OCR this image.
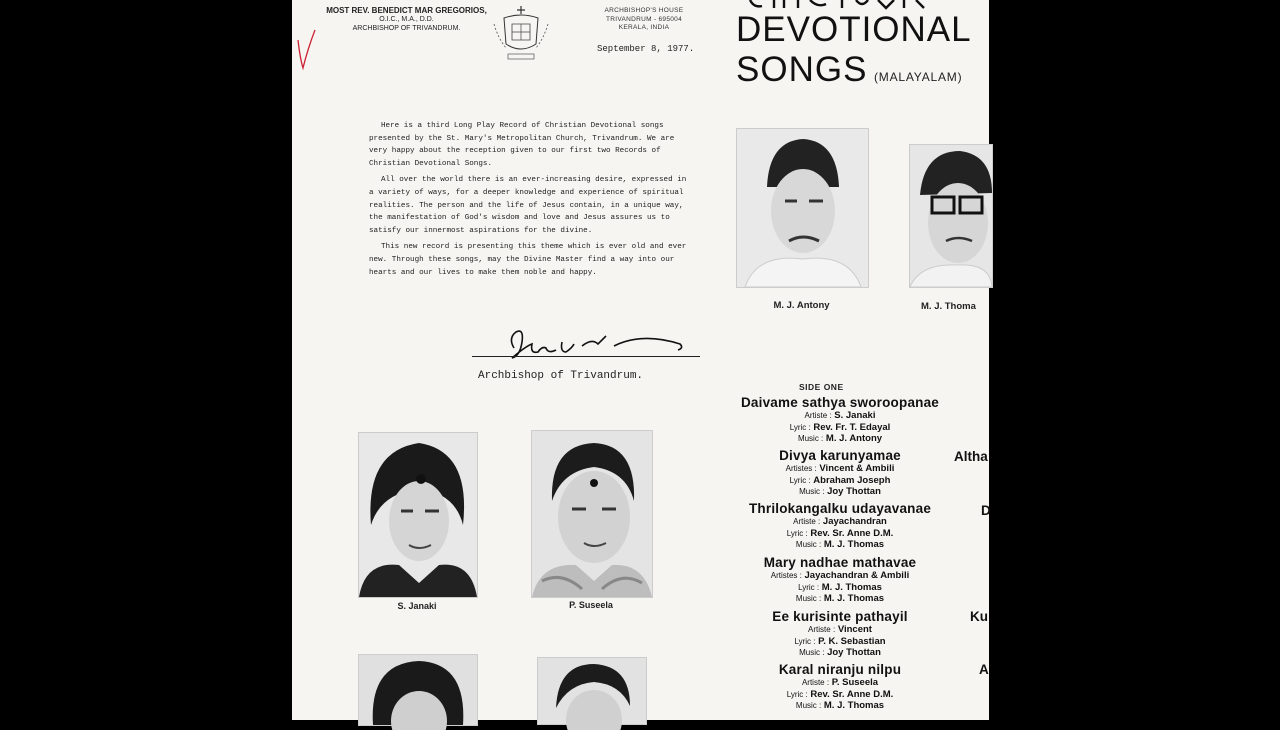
MOST REV. BENEDICT MAR GREGORIOS,
O.I.C., M.A., D.D.
ARCHBISHOP OF TRIVANDRUM.
ARCHBISHOP'S HOUSE
TRIVANDRUM - 695004
KERALA, INDIA
September 8, 1977.

Here is a third Long Play Record of Christian Devotional songs presented by the St. Mary's Metropolitan Church, Trivandrum. We are very happy about the reception given to our first two Records of Christian Devotional Songs.

All over the world there is an ever-increasing desire, expressed in a variety of ways, for a deeper knowledge and experience of spiritual realities. The person and the life of Jesus contain, in a unique way, the manifestation of God's wisdom and love and Jesus assures us to satisfy our innermost aspirations for the divine.

This new record is presenting this theme which is ever old and ever new. Through these songs, may the Divine Master find a way into our hearts and our lives to make them noble and happy.

Archbishop of Trivandrum.
DEVOTIONAL
SONGS (MALAYALAM)
M. J. Antony	M. J. Thoma
S. Janaki	P. Suseela
SIDE ONE
Daivame sathya sworoopanae
Artiste : S. Janaki
Lyric : Rev. Fr. T. Edayal
Music : M. J. Antony
Divya karunyamae
Artistes : Vincent & Ambili
Lyric : Abraham Joseph
Music : Joy Thottan
Thrilokangalku udayavanae
Artiste : Jayachandran
Lyric : Rev. Sr. Anne D.M.
Music : M. J. Thomas
Mary nadhae mathavae
Artistes : Jayachandran & Ambili
Lyric : M. J. Thomas
Music : M. J. Thomas
Ee kurisinte pathayil
Artiste : Vincent
Lyric : P. K. Sebastian
Music : Joy Thottan
Karal niranju nilpu
Artiste : P. Suseela
Lyric : Rev. Sr. Anne D.M.
Music : M. J. Thomas
Altha
D
Ku
A
